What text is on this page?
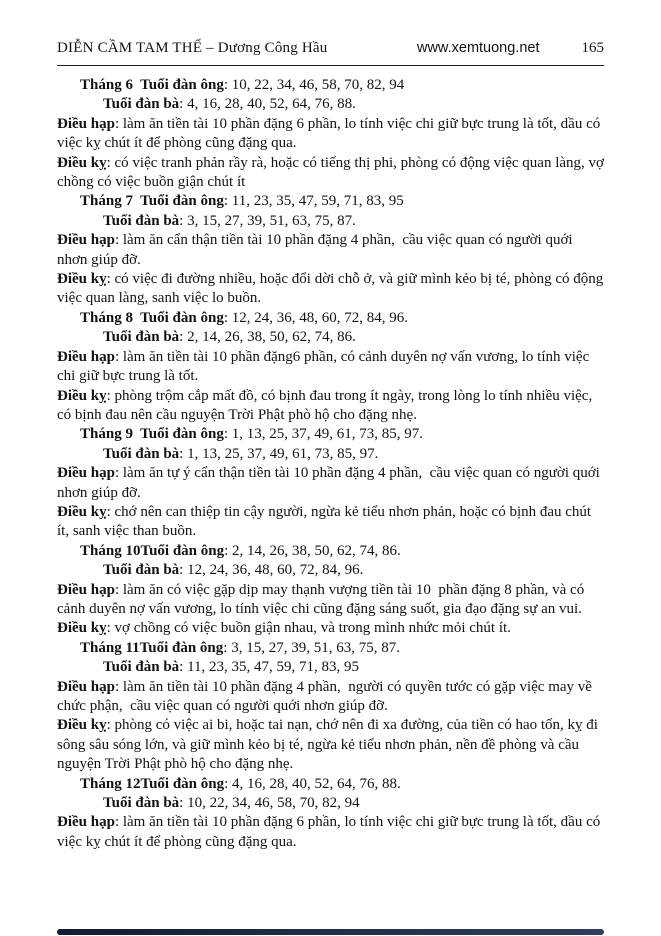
DIỄN CẦM TAM THẾ – Dương Công Hầu	www.xemtuong.net	165

Tháng 6  Tuổi đàn ông: 10, 22, 34, 46, 58, 70, 82, 94

Tuổi đàn bà: 4, 16, 28, 40, 52, 64, 76, 88.

Điều hạp: làm ăn tiền tài 10 phần đặng 6 phần, lo tính việc chi giữ bực trung là tốt, dầu có việc kỵ chút ít để phòng cũng đặng qua.

Điều kỵ: có việc tranh phản rầy rà, hoặc có tiếng thị phi, phòng có động việc quan làng, vợ chồng có việc buồn giận chút ít

Tháng 7  Tuổi đàn ông: 11, 23, 35, 47, 59, 71, 83, 95

Tuổi đàn bà: 3, 15, 27, 39, 51, 63, 75, 87.

Điều hạp: làm ăn cẩn thận tiền tài 10 phần đặng 4 phần,  cầu việc quan có người quới nhơn giúp đỡ.

Điều kỵ: có việc đi đường nhiều, hoặc đổi dời chỗ ở, và giữ mình kẻo bị té, phòng có động việc quan làng, sanh việc lo buồn.

Tháng 8  Tuổi đàn ông: 12, 24, 36, 48, 60, 72, 84, 96.

Tuổi đàn bà: 2, 14, 26, 38, 50, 62, 74, 86.

Điều hạp: làm ăn tiền tài 10 phần đặng6 phần, có cảnh duyên nợ vấn vương, lo tính việc chi giữ bực trung là tốt.

Điều kỵ: phòng trộm cắp mất đồ, có bịnh đau trong ít ngày, trong lòng lo tính nhiều việc, có bịnh đau nên cầu nguyện Trời Phật phò hộ cho đặng nhẹ.

Tháng 9  Tuổi đàn ông: 1, 13, 25, 37, 49, 61, 73, 85, 97.

Tuổi đàn bà: 1, 13, 25, 37, 49, 61, 73, 85, 97.

Điều hạp: làm ăn tự ý cẩn thận tiền tài 10 phần đặng 4 phần,  cầu việc quan có người quới nhơn giúp đỡ.

Điều kỵ: chớ nên can thiệp tin cậy người, ngừa kẻ tiểu nhơn phản, hoặc có bịnh đau chút ít, sanh việc than buồn.

Tháng 10Tuổi đàn ông: 2, 14, 26, 38, 50, 62, 74, 86.

Tuổi đàn bà: 12, 24, 36, 48, 60, 72, 84, 96.

Điều hạp: làm ăn có việc gặp dịp may thạnh vượng tiền tài 10  phần đặng 8 phần, và có cảnh duyên nợ vấn vương, lo tính việc chi cũng đặng sáng suốt, gia đạo đặng sự an vui.

Điều kỵ: vợ chồng có việc buồn giận nhau, và trong mình nhức mỏi chút ít.

Tháng 11Tuổi đàn ông: 3, 15, 27, 39, 51, 63, 75, 87.

Tuổi đàn bà: 11, 23, 35, 47, 59, 71, 83, 95

Điều hạp: làm ăn tiền tài 10 phần đặng 4 phần,  người có quyền tước có gặp việc may về chức phận,  cầu việc quan có người quới nhơn giúp đỡ.

Điều kỵ: phòng có việc ai bi, hoặc tai nạn, chớ nên đi xa đường, của tiền có hao tốn, kỵ đi sông sâu sóng lớn, và giữ mình kẻo bị té, ngừa kẻ tiểu nhơn phản, nền đề phòng và cầu nguyện Trời Phật phò hộ cho đặng nhẹ.

Tháng 12Tuổi đàn ông: 4, 16, 28, 40, 52, 64, 76, 88.

Tuổi đàn bà: 10, 22, 34, 46, 58, 70, 82, 94

Điều hạp: làm ăn tiền tài 10 phần đặng 6 phần, lo tính việc chi giữ bực trung là tốt, dầu có việc kỵ chút ít để phòng cũng đặng qua.
